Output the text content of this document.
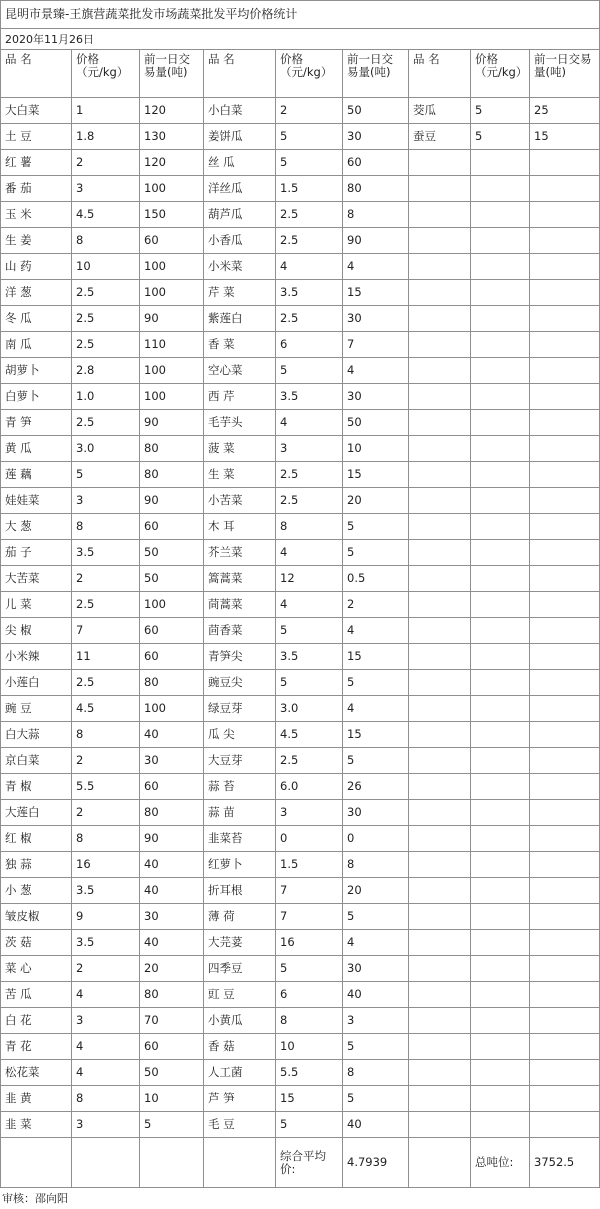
昆明市景臻-王旗营蔬菜批发市场蔬菜批发平均价格统计								
2020年11月26日								
品 名	价格（元/kg）	前一日交易量(吨)	品 名	价格（元/kg）	前一日交易量(吨)	品 名	价格（元/kg）	前一日交易量(吨)
大白菜	1	120	小白菜	2	50	茭瓜	5	25
土 豆	1.8	130	姜饼瓜	5	30	蚕豆	5	15
红 薯	2	120	丝 瓜	5	60			
番 茄	3	100	洋丝瓜	1.5	80			
玉 米	4.5	150	葫芦瓜	2.5	8			
生 姜	8	60	小香瓜	2.5	90			
山 药	10	100	小米菜	4	4			
洋 葱	2.5	100	芹 菜	3.5	15			
冬 瓜	2.5	90	紫莲白	2.5	30			
南 瓜	2.5	110	香 菜	6	7			
胡萝卜	2.8	100	空心菜	5	4			
白萝卜	1.0	100	西 芹	3.5	30			
青 笋	2.5	90	毛芋头	4	50			
黄 瓜	3.0	80	菠 菜	3	10			
莲 藕	5	80	生 菜	2.5	15			
娃娃菜	3	90	小苦菜	2.5	20			
大 葱	8	60	木 耳	8	5			
茄 子	3.5	50	芥兰菜	4	5			
大苦菜	2	50	篙蒿菜	12	0.5			
儿 菜	2.5	100	茼蒿菜	4	2			
尖 椒	7	60	茴香菜	5	4			
小米辣	11	60	青笋尖	3.5	15			
小莲白	2.5	80	豌豆尖	5	5			
豌 豆	4.5	100	绿豆芽	3.0	4			
白大蒜	8	40	瓜 尖	4.5	15			
京白菜	2	30	大豆芽	2.5	5			
青 椒	5.5	60	蒜 苔	6.0	26			
大莲白	2	80	蒜 苗	3	30			
红 椒	8	90	韭菜苔	0	0			
独 蒜	16	40	红萝卜	1.5	8			
小 葱	3.5	40	折耳根	7	20			
皱皮椒	9	30	薄 荷	7	5			
茨 菇	3.5	40	大芫荽	16	4			
菜 心	2	20	四季豆	5	30			
苦 瓜	4	80	豇 豆	6	40			
白 花	3	70	小黄瓜	8	3			
青 花	4	60	香 菇	10	5			
松花菜	4	50	人工菌	5.5	8			
韭 黄	8	10	芦 笋	15	5			
韭 菜	3	5	毛 豆	5	40			
				综合平均价:	4.7939		总吨位:	3752.5
审核：邵向阳
